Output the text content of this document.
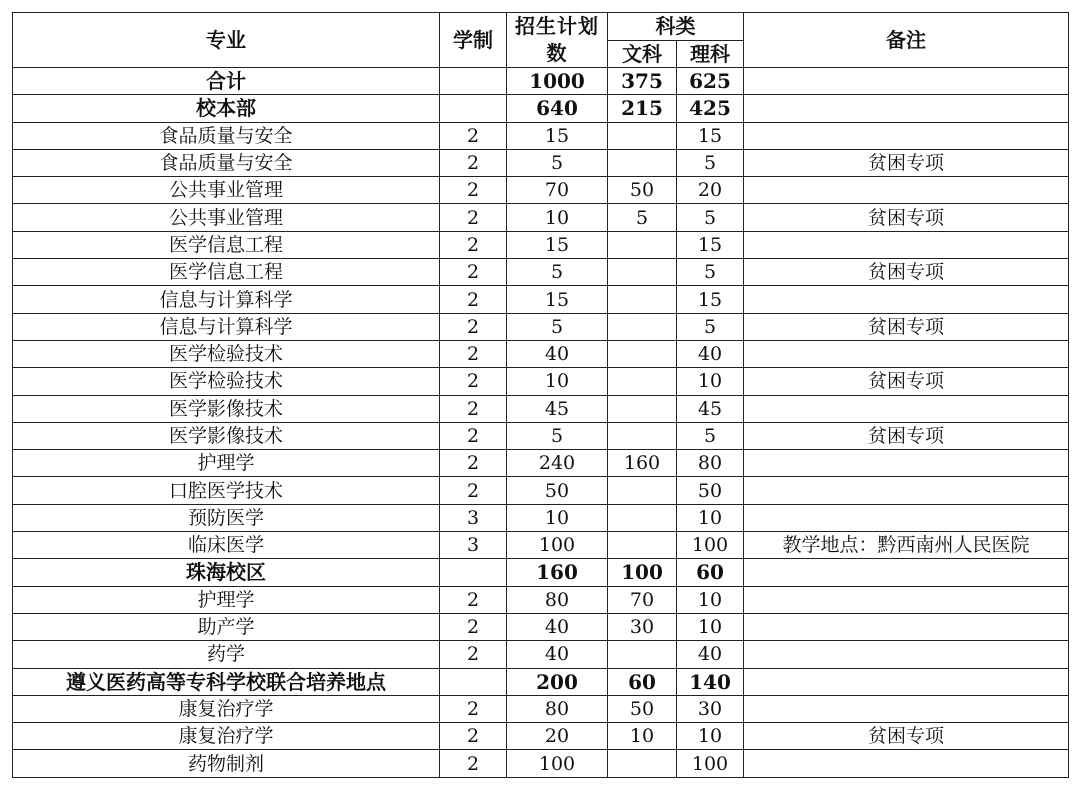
专业	学制	招生计划数	科类		备注
			文科	理科	
合计		1000	375	625	
校本部		640	215	425	
食品质量与安全	2	15		15	
食品质量与安全	2	5		5	贫困专项
公共事业管理	2	70	50	20	
公共事业管理	2	10	5	5	贫困专项
医学信息工程	2	15		15	
医学信息工程	2	5		5	贫困专项
信息与计算科学	2	15		15	
信息与计算科学	2	5		5	贫困专项
医学检验技术	2	40		40	
医学检验技术	2	10		10	贫困专项
医学影像技术	2	45		45	
医学影像技术	2	5		5	贫困专项
护理学	2	240	160	80	
口腔医学技术	2	50		50	
预防医学	3	10		10	
临床医学	3	100		100	教学地点：黔西南州人民医院
珠海校区		160	100	60	
护理学	2	80	70	10	
助产学	2	40	30	10	
药学	2	40		40	
遵义医药高等专科学校联合培养地点		200	60	140	
康复治疗学	2	80	50	30	
康复治疗学	2	20	10	10	贫困专项
药物制剂	2	100		100	
